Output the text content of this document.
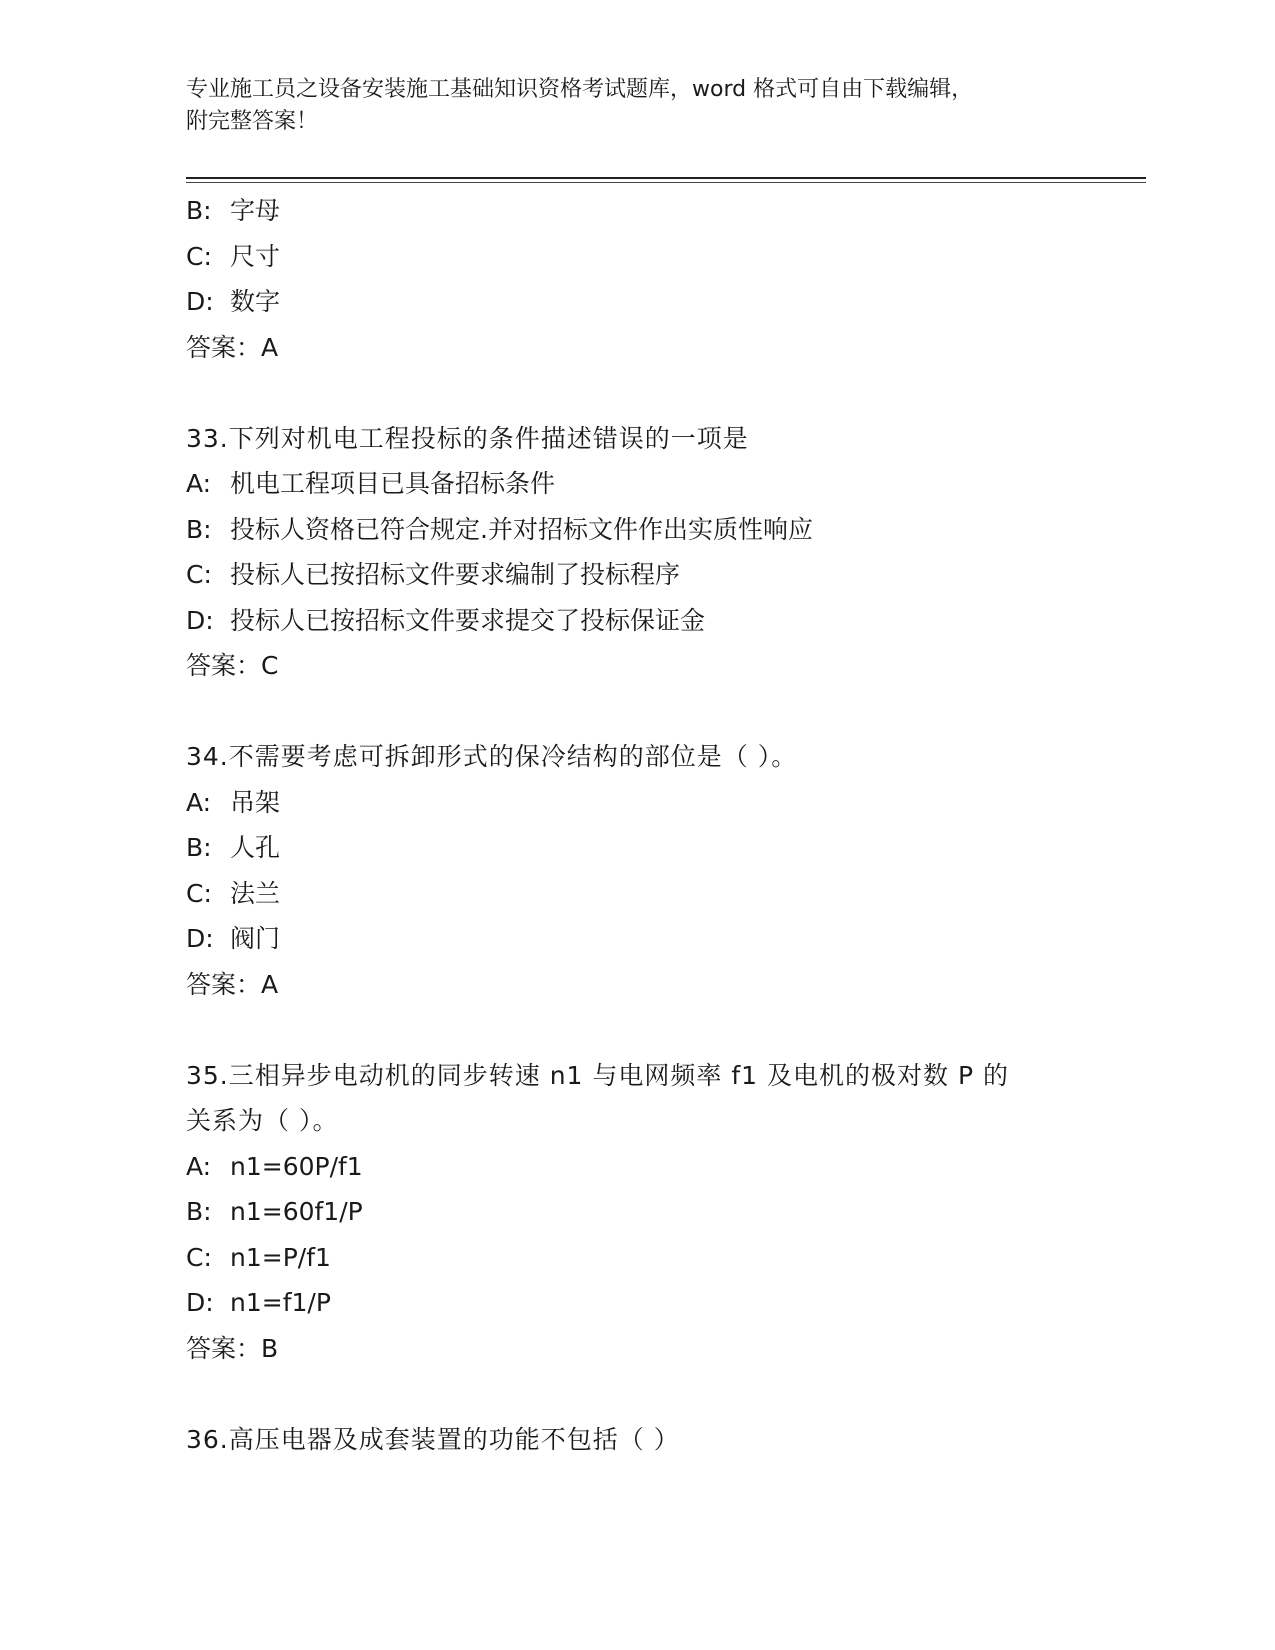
专业施工员之设备安装施工基础知识资格考试题库，word 格式可自由下载编辑，
附完整答案！
B: 字母
C: 尺寸
D: 数字
答案：A
33.下列对机电工程投标的条件描述错误的一项是
A: 机电工程项目已具备招标条件
B: 投标人资格已符合规定.并对招标文件作出实质性响应
C: 投标人已按招标文件要求编制了投标程序
D: 投标人已按招标文件要求提交了投标保证金
答案：C
34.不需要考虑可拆卸形式的保冷结构的部位是（ ）。
A: 吊架
B: 人孔
C: 法兰
D: 阀门
答案：A
35.三相异步电动机的同步转速 n1 与电网频率 f1 及电机的极对数 P 的
关系为（ ）。
A: n1=60P/f1
B: n1=60f1/P
C: n1=P/f1
D: n1=f1/P
答案：B
36.高压电器及成套装置的功能不包括（ ）
